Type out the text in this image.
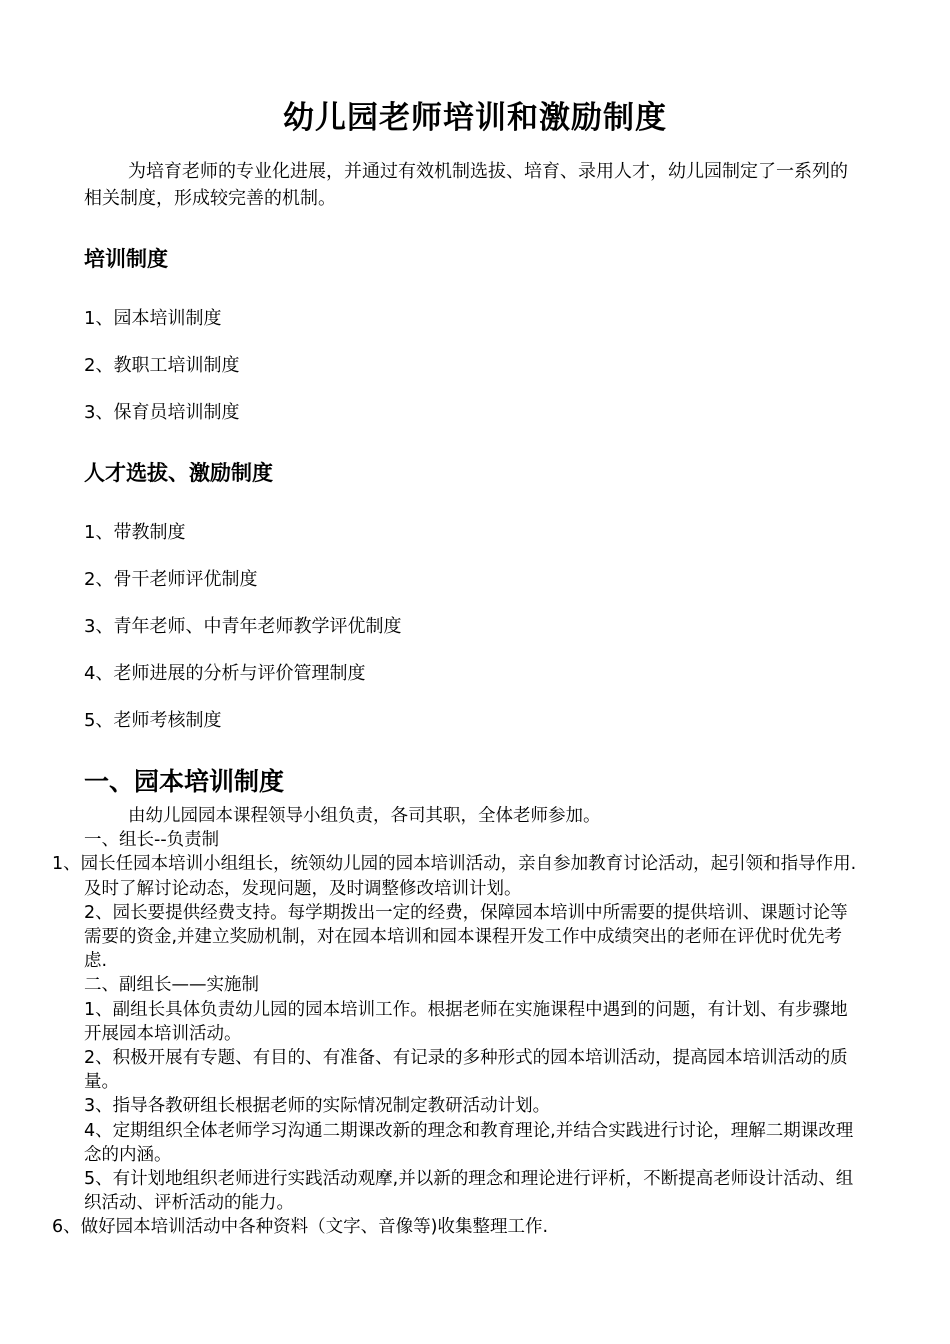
幼儿园老师培训和激励制度
为培育老师的专业化进展，并通过有效机制选拔、培育、录用人才，幼儿园制定了一系列的相关制度，形成较完善的机制。
培训制度
1、园本培训制度
2、教职工培训制度
3、保育员培训制度
人才选拔、激励制度
1、带教制度
2、骨干老师评优制度
3、青年老师、中青年老师教学评优制度
4、老师进展的分析与评价管理制度
5、老师考核制度
一、园本培训制度

由幼儿园园本课程领导小组负责，各司其职，全体老师参加。

一、组长--负责制

1、园长任园本培训小组组长，统领幼儿园的园本培训活动，亲自参加教育讨论活动，起引领和指导作用.及时了解讨论动态，发现问题，及时调整修改培训计划。

2、园长要提供经费支持。每学期拨出一定的经费，保障园本培训中所需要的提供培训、课题讨论等需要的资金,并建立奖励机制，对在园本培训和园本课程开发工作中成绩突出的老师在评优时优先考虑.

二、副组长——实施制

1、副组长具体负责幼儿园的园本培训工作。根据老师在实施课程中遇到的问题，有计划、有步骤地开展园本培训活动。

2、积极开展有专题、有目的、有准备、有记录的多种形式的园本培训活动，提高园本培训活动的质量。

3、指导各教研组长根据老师的实际情况制定教研活动计划。

4、定期组织全体老师学习沟通二期课改新的理念和教育理论,并结合实践进行讨论，理解二期课改理念的内涵。

5、有计划地组织老师进行实践活动观摩,并以新的理念和理论进行评析，不断提高老师设计活动、组织活动、评析活动的能力。

6、做好园本培训活动中各种资料（文字、音像等)收集整理工作.
